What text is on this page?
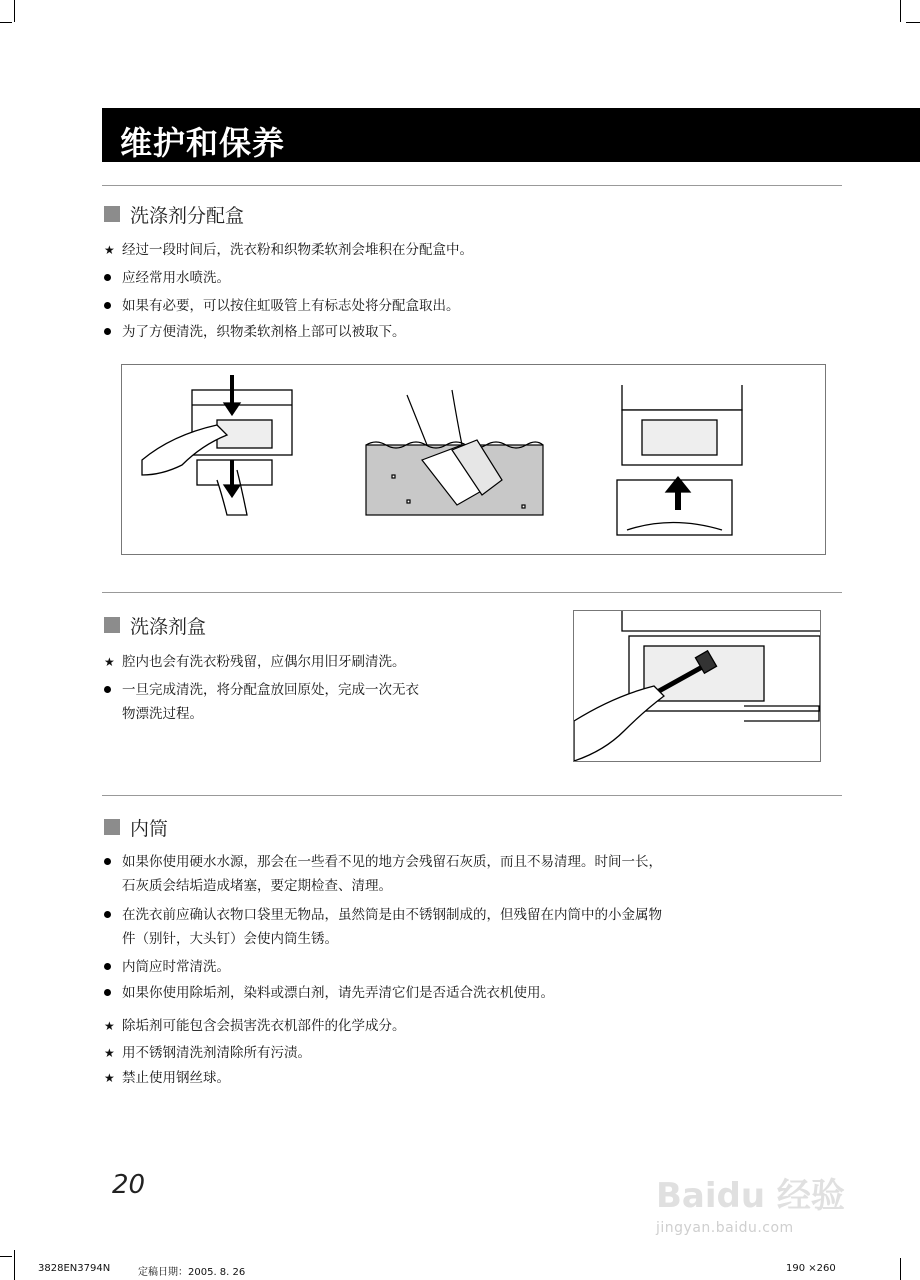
维护和保养
洗涤剂分配盒
★ 经过一段时间后，洗衣粉和织物柔软剂会堆积在分配盒中。
应经常用水喷洗。
如果有必要，可以按住虹吸管上有标志处将分配盒取出。
为了方便清洗，织物柔软剂格上部可以被取下。
洗涤剂盒
★ 腔内也会有洗衣粉残留，应偶尔用旧牙刷清洗。
一旦完成清洗，将分配盒放回原处，完成一次无衣
物漂洗过程。
内筒
如果你使用硬水水源，那会在一些看不见的地方会残留石灰质，而且不易清理。时间一长，
石灰质会结垢造成堵塞，要定期检查、清理。
在洗衣前应确认衣物口袋里无物品，虽然筒是由不锈钢制成的，但残留在内筒中的小金属物
件（别针，大头钉）会使内筒生锈。
内筒应时常清洗。
如果你使用除垢剂，染料或漂白剂，请先弄清它们是否适合洗衣机使用。
★ 除垢剂可能包含会损害洗衣机部件的化学成分。
★ 用不锈钢清洗剂清除所有污渍。
★ 禁止使用钢丝球。
20	Baidu 经验
jingyan.baidu.com
3828EN3794N	定稿日期：2005. 8. 26	190 ×260
